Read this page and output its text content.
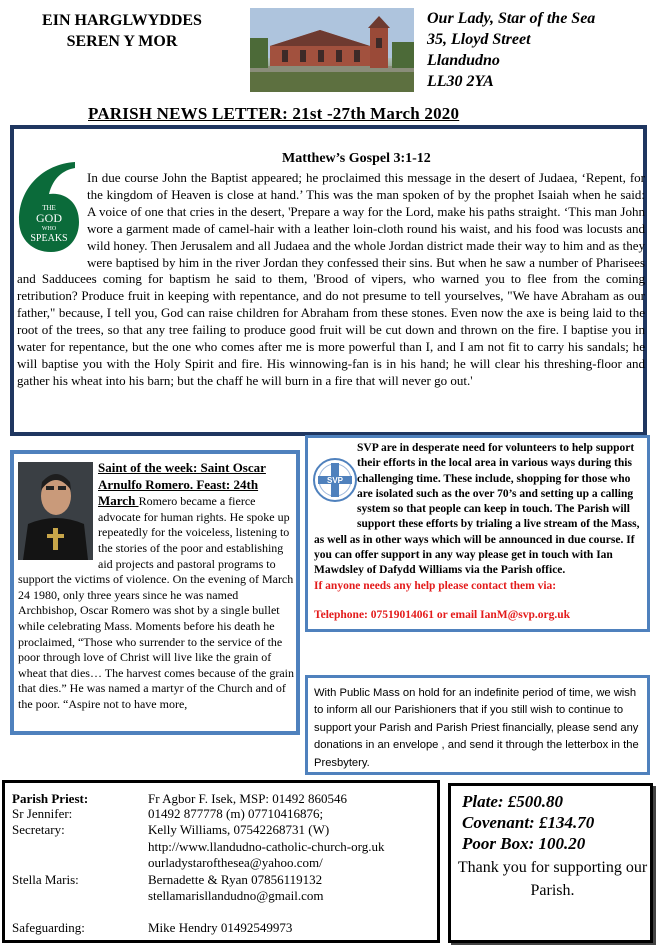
EIN HARGLWYDDES
SEREN Y MOR
Our Lady, Star of the Sea
35, Lloyd Street
Llandudno
LL30 2YA
PARISH NEWS LETTER: 21st -27th March 2020
Matthew’s Gospel 3:1-12
THE
GOD
WHO
SPEAKS
In due course John the Baptist appeared; he proclaimed this message in the desert of Judaea, ‘Repent, for the kingdom of Heaven is close at hand.’ This was the man spoken of by the prophet Isaiah when he said: A voice of one that cries in the desert, 'Prepare a way for the Lord, make his paths straight. ‘This man John wore a garment made of camel-hair with a leather loin-cloth round his waist, and his food was locusts and wild honey. Then Jerusalem and all Judaea and the whole Jordan district made their way to him and as they were baptised by him in the river Jordan they confessed their sins. But when he saw a number of Pharisees and Sadducees coming for baptism he said to them, 'Brood of vipers, who warned you to flee from the coming retribution? Produce fruit in keeping with repentance, and do not presume to tell yourselves, "We have Abraham as our father," because, I tell you, God can raise children for Abraham from these stones. Even now the axe is being laid to the root of the trees, so that any tree failing to produce good fruit will be cut down and thrown on the fire. I baptise you in water for repentance, but the one who comes after me is more powerful than I, and I am not fit to carry his sandals; he will baptise you with the Holy Spirit and fire. His winnowing-fan is in his hand; he will clear his threshing-floor and gather his wheat into his barn; but the chaff he will burn in a fire that will never go out.'
Saint of the week: Saint Oscar Arnulfo Romero. Feast: 24th March Romero became a fierce advocate for human rights. He spoke up repeatedly for the voiceless, listening to the stories of the poor and establishing aid projects and pastoral programs to support the victims of violence. On the evening of March 24 1980, only three years since he was named Archbishop, Oscar Romero was shot by a single bullet while celebrating Mass. Moments before his death he proclaimed, “Those who surrender to the service of the poor through love of Christ will live like the grain of wheat that dies… The harvest comes because of the grain that dies.” He was named a martyr of the Church and of the poor. “Aspire not to have more,
SVP
SVP are in desperate need for volunteers to help support their efforts in the local area in various ways during this challenging time. These include, shopping for those who are isolated such as the over 70’s and setting up a calling system so that people can keep in touch. The Parish will support these efforts by trialing a live stream of the Mass, as well as in other ways which will be announced in due course. If you can offer support in any way please get in touch with Ian Mawdsley of Dafydd Williams via the Parish office.
If anyone needs any help please contact them via:
Telephone: 07519014061 or email IanM@svp.org.uk
With Public Mass on hold for an indefinite period of time, we wish to inform all our Parishioners that if you still wish to continue to support your Parish and Parish Priest financially, please send any donations in an envelope , and send it through the letterbox in the Presbytery.
Parish Priest:	Fr Agbor F. Isek, MSP: 01492 860546
Sr Jennifer:	01492 877778 (m) 07710416876;
Secretary:	Kelly Williams, 07542268731 (W)
http://www.llandudno-catholic-church-org.uk
ourladystarofthesea@yahoo.com/
Stella Maris:	Bernadette & Ryan 07856119132
stellamarisllandudno@gmail.com
Safeguarding:	Mike Hendry 01492549973
Plate: £500.80
Covenant: £134.70
Poor Box: 100.20
Thank you for supporting our Parish.
